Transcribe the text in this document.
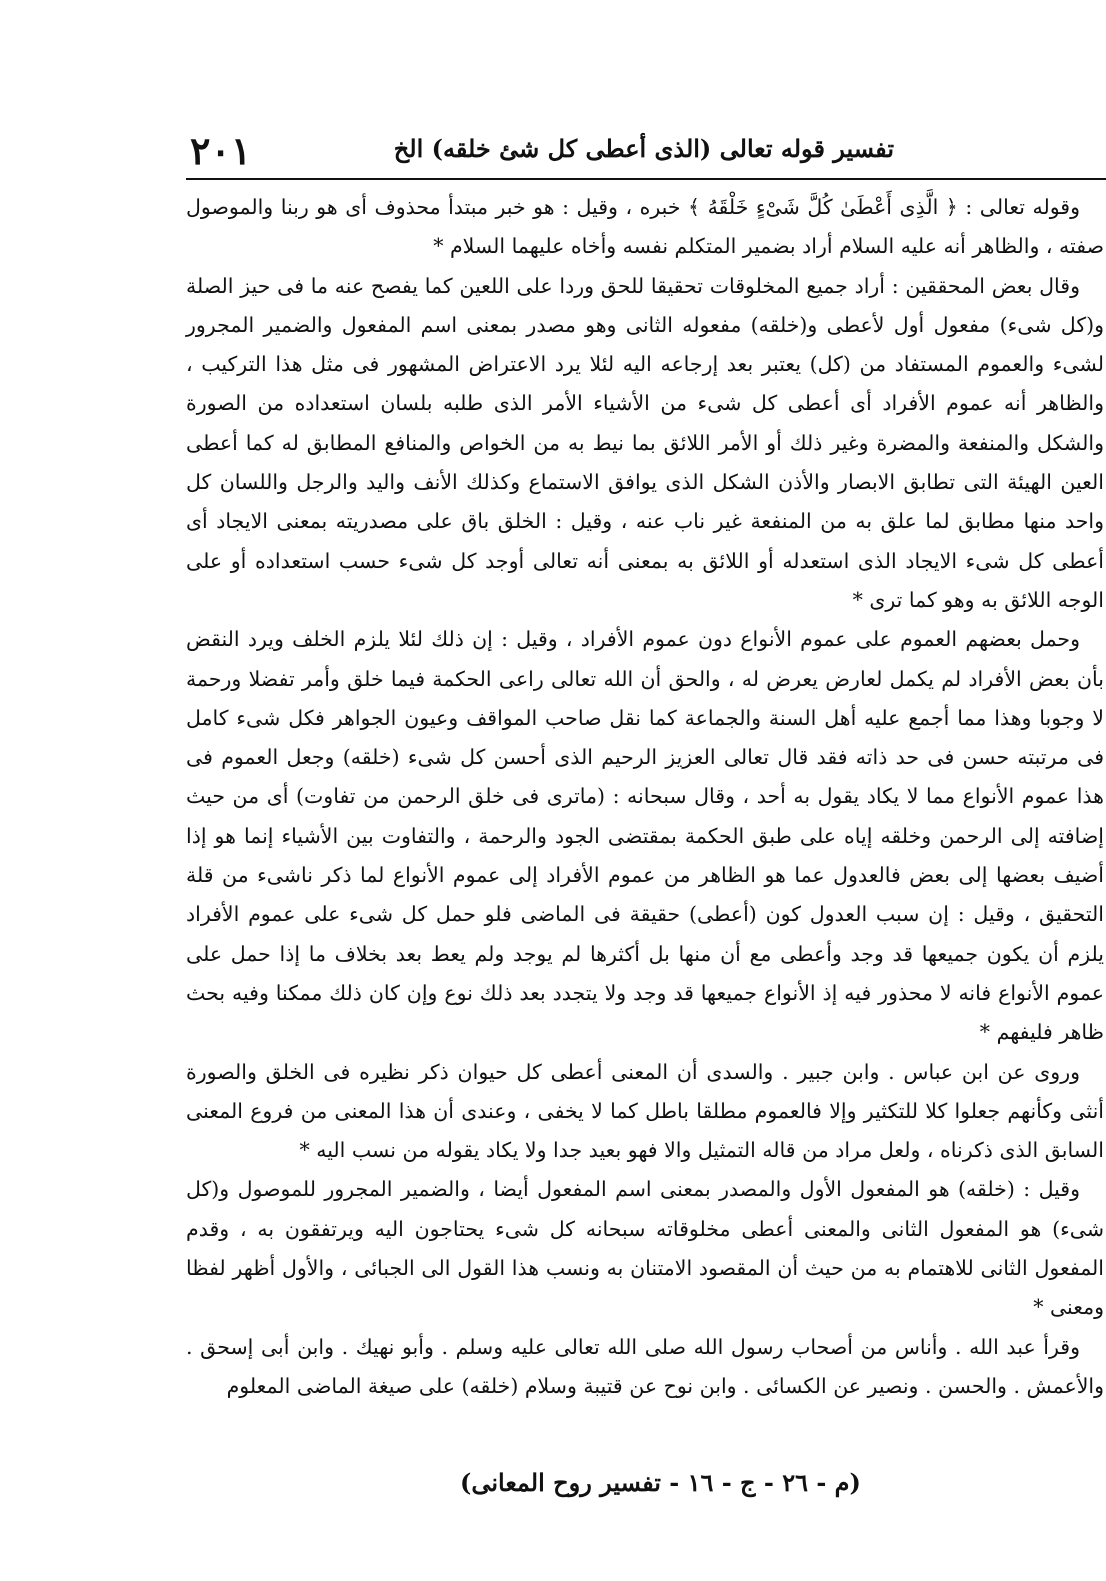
تفسير قوله تعالى (الذى أعطى كل شئ خلقه) الخ
٢٠١

وقوله تعالى : ﴿ الَّذِى أَعْطَىٰ كُلَّ شَىْءٍ خَلْقَهُ ﴾ خبره ، وقيل : هو خبر مبتدأ محذوف أى هو ربنا والموصول صفته ، والظاهر أنه عليه السلام أراد بضمير المتكلم نفسه وأخاه عليهما السلام *

وقال بعض المحققين : أراد جميع المخلوقات تحقيقا للحق وردا على اللعين كما يفصح عنه ما فى حيز الصلة و(كل شىء) مفعول أول لأعطى و(خلقه) مفعوله الثانى وهو مصدر بمعنى اسم المفعول والضمير المجرور لشىء والعموم المستفاد من (كل) يعتبر بعد إرجاعه اليه لئلا يرد الاعتراض المشهور فى مثل هذا التركيب ، والظاهر أنه عموم الأفراد أى أعطى كل شىء من الأشياء الأمر الذى طلبه بلسان استعداده من الصورة والشكل والمنفعة والمضرة وغير ذلك أو الأمر اللائق بما نيط به من الخواص والمنافع المطابق له كما أعطى العين الهيئة التى تطابق الابصار والأذن الشكل الذى يوافق الاستماع وكذلك الأنف واليد والرجل واللسان كل واحد منها مطابق لما علق به من المنفعة غير ناب عنه ، وقيل : الخلق باق على مصدريته بمعنى الايجاد أى أعطى كل شىء الايجاد الذى استعدله أو اللائق به بمعنى أنه تعالى أوجد كل شىء حسب استعداده أو على الوجه اللائق به وهو كما ترى *

وحمل بعضهم العموم على عموم الأنواع دون عموم الأفراد ، وقيل : إن ذلك لئلا يلزم الخلف ويرد النقض بأن بعض الأفراد لم يكمل لعارض يعرض له ، والحق أن الله تعالى راعى الحكمة فيما خلق وأمر تفضلا ورحمة لا وجوبا وهذا مما أجمع عليه أهل السنة والجماعة كما نقل صاحب المواقف وعيون الجواهر فكل شىء كامل فى مرتبته حسن فى حد ذاته فقد قال تعالى العزيز الرحيم الذى أحسن كل شىء (خلقه) وجعل العموم فى هذا عموم الأنواع مما لا يكاد يقول به أحد ، وقال سبحانه : (ماترى فى خلق الرحمن من تفاوت) أى من حيث إضافته إلى الرحمن وخلقه إياه على طبق الحكمة بمقتضى الجود والرحمة ، والتفاوت بين الأشياء إنما هو إذا أضيف بعضها إلى بعض فالعدول عما هو الظاهر من عموم الأفراد إلى عموم الأنواع لما ذكر ناشىء من قلة التحقيق ، وقيل : إن سبب العدول كون (أعطى) حقيقة فى الماضى فلو حمل كل شىء على عموم الأفراد يلزم أن يكون جميعها قد وجد وأعطى مع أن منها بل أكثرها لم يوجد ولم يعط بعد بخلاف ما إذا حمل على عموم الأنواع فانه لا محذور فيه إذ الأنواع جميعها قد وجد ولا يتجدد بعد ذلك نوع وإن كان ذلك ممكنا وفيه بحث ظاهر فليفهم *

وروى عن ابن عباس . وابن جبير . والسدى أن المعنى أعطى كل حيوان ذكر نظيره فى الخلق والصورة أنثى وكأنهم جعلوا كلا للتكثير وإلا فالعموم مطلقا باطل كما لا يخفى ، وعندى أن هذا المعنى من فروع المعنى السابق الذى ذكرناه ، ولعل مراد من قاله التمثيل والا فهو بعيد جدا ولا يكاد يقوله من نسب اليه *

وقيل : (خلقه) هو المفعول الأول والمصدر بمعنى اسم المفعول أيضا ، والضمير المجرور للموصول و(كل شىء) هو المفعول الثانى والمعنى أعطى مخلوقاته سبحانه كل شىء يحتاجون اليه ويرتفقون به ، وقدم المفعول الثانى للاهتمام به من حيث أن المقصود الامتنان به ونسب هذا القول الى الجبائى ، والأول أظهر لفظا ومعنى *

وقرأ عبد الله . وأناس من أصحاب رسول الله صلى الله تعالى عليه وسلم . وأبو نهيك . وابن أبى إسحق . والأعمش . والحسن . ونصير عن الكسائى . وابن نوح عن قتيبة وسلام (خلقه) على صيغة الماضى المعلوم

(م - ٢٦ - ج - ١٦ - تفسير روح المعانى)
